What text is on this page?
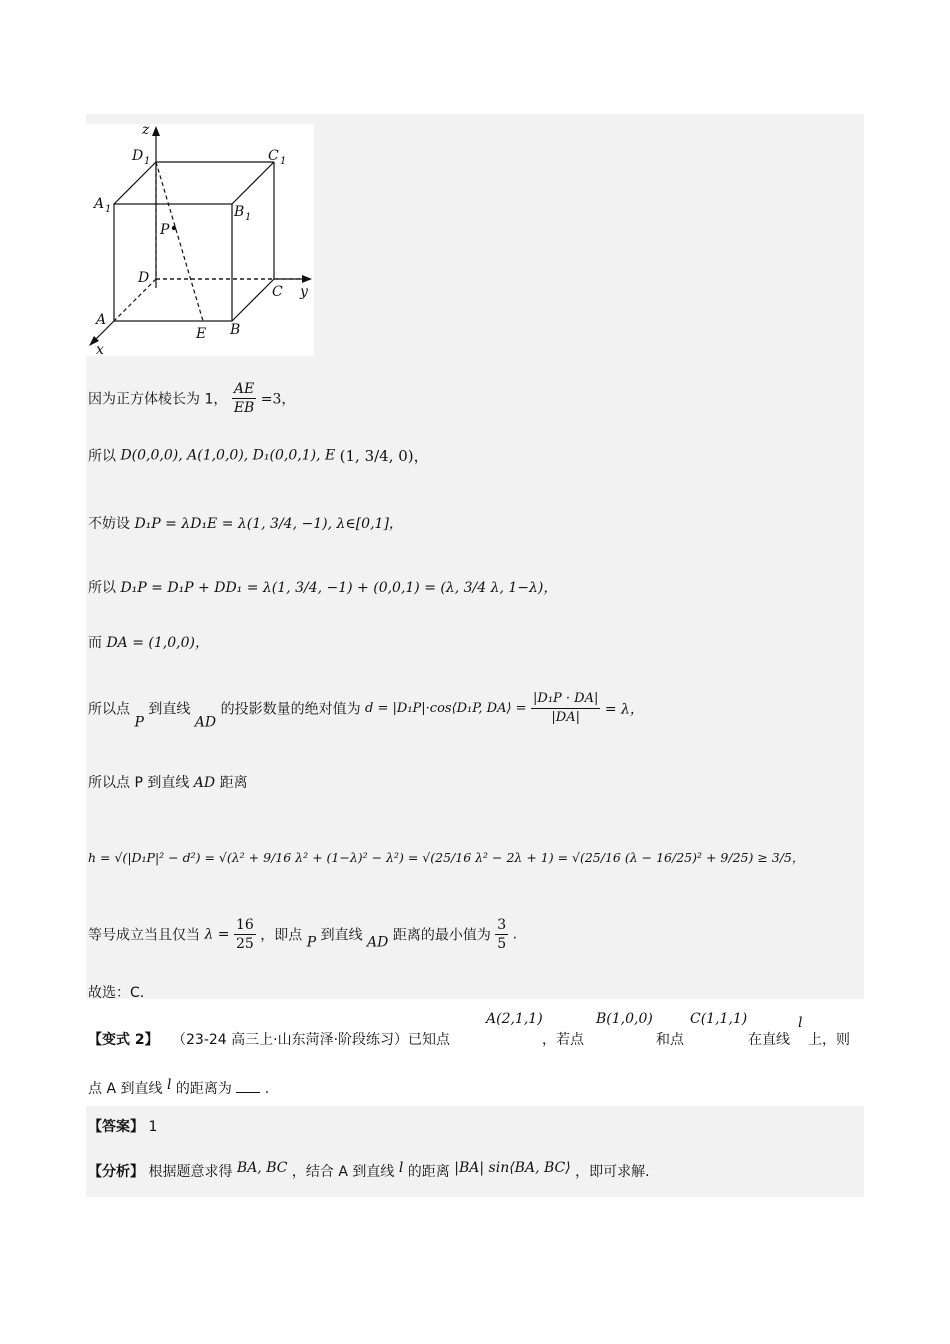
z
y
x
D 1	C 1
A 1	B 1
P
D
C
A
E B
因为正方体棱长为 1， $\frac{AE}{EB} =3$，
所以 D(0,0,0), A(1,0,0), D₁(0,0,1), E (1, 3/4, 0)，
不妨设 D₁P = λD₁E = λ(1, 3/4, −1), λ∈[0,1]，
所以 D₁P = D₁P + DD₁ = λ(1, 3/4, −1) + (0,0,1) = (λ, 3/4 λ, 1−λ)，
而 DA = (1,0,0)，
所以点 P 到直线 AD 的投影数量的绝对值为 d = |D₁P|·cos⟨D₁P, DA⟩ = $\frac{\text{|D₁P · DA|}}{|DA|} = \lambda$，
所以点 P 到直线 AD 距离
h = √(|D₁P|² − d²) = √(λ² + 9/16 λ² + (1−λ)² − λ²) = √(25/16 λ² − 2λ + 1) = √(25/16 (λ − 16/25)² + 9/25) ≥ 3/5，
等号成立当且仅当 $\lambda = \frac{16}{25}$ ，即点 P 到直线 AD 距离的最小值为 $\frac{3}{5}$ .
故选：C.
【变式 2】 （23-24 高三上·山东菏泽·阶段练习）已知点
A(2,1,1)
，若点
B(1,0,0)
和点
C(1,1,1)
在直线
l
上，则
点 A 到直线 l 的距离为 .
【答案】 1
【分析】 根据题意求得 BA, BC ，结合 A 到直线 l 的距离 |BA| sin⟨BA, BC⟩ ，即可求解.
